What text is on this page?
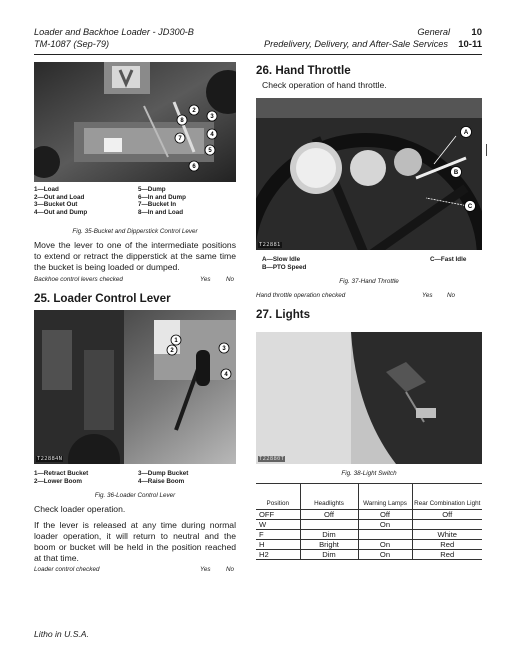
Loader and Backhoe Loader - JD300-B
TM-1087 (Sep-79)
General 10
Predelivery, Delivery, and After-Sale Services 10-11
2
3
4
5
6
7
8
1—Load
2—Out and Load
3—Bucket Out
4—Out and Dump
5—Dump
6—In and Dump
7—Bucket In
8—In and Load
Fig. 35-Bucket and Dipperstick Control Lever
Move the lever to one of the intermediate positions to extend or retract the dipperstick at the same time the bucket is being loaded or dumped.
Backhoe control levers checked	Yes No
25. Loader Control Lever
1
2	3
4
T22884N
1—Retract Bucket
2—Lower Boom
3—Dump Bucket
4—Raise Boom
Fig. 36-Loader Control Lever
Check loader operation.
If the lever is released at any time during normal loader operation, it will return to neutral and the boom or bucket will be held in the position reached at that time.
Loader control checked	Yes No
26. Hand Throttle
Check operation of hand throttle.
A
B
C
T22881
A—Slow Idle
B—PTO Speed
C—Fast Idle
Fig. 37-Hand Throttle
Hand throttle operation checked	Yes No
27. Lights
T22880T
Fig. 38-Light Switch
Position	Headlights	Warning Lamps	Rear Combination Light
OFF	Off	Off	Off
W		On	
F	Dim		White
H	Bright	On	Red
H2	Dim	On	Red
Litho in U.S.A.
